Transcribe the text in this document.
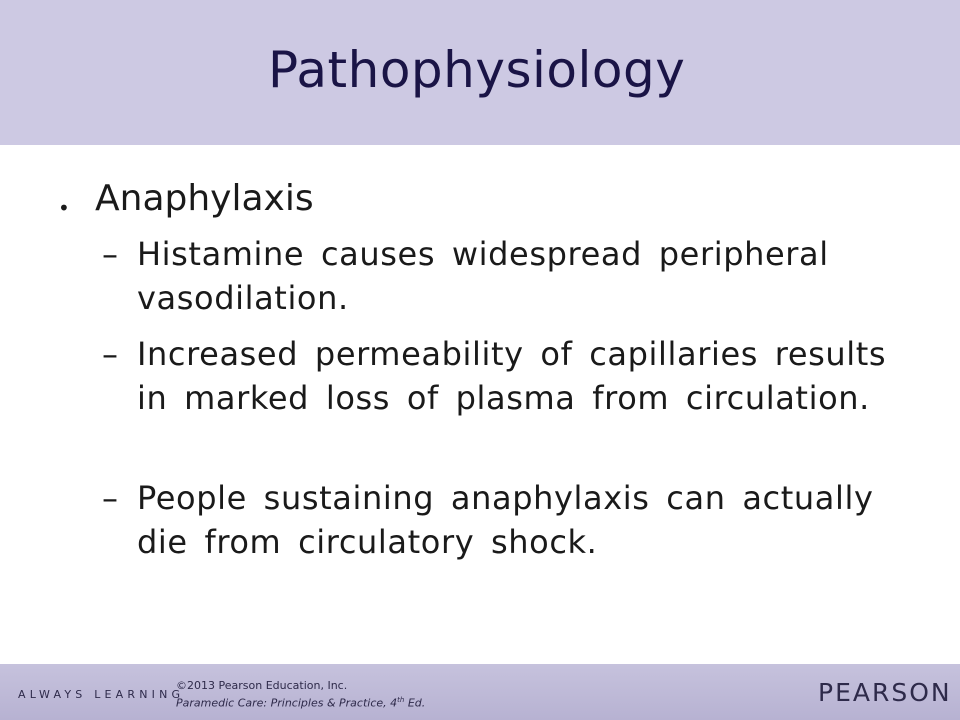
Pathophysiology
• Anaphylaxis
– Histamine causes widespread peripheral vasodilation.
– Increased permeability of capillaries results in marked loss of plasma from circulation.
– People sustaining anaphylaxis can actually die from circulatory shock.
ALWAYS LEARNING
©2013 Pearson Education, Inc.
Paramedic Care: Principles & Practice, 4th Ed.	PEARSON
